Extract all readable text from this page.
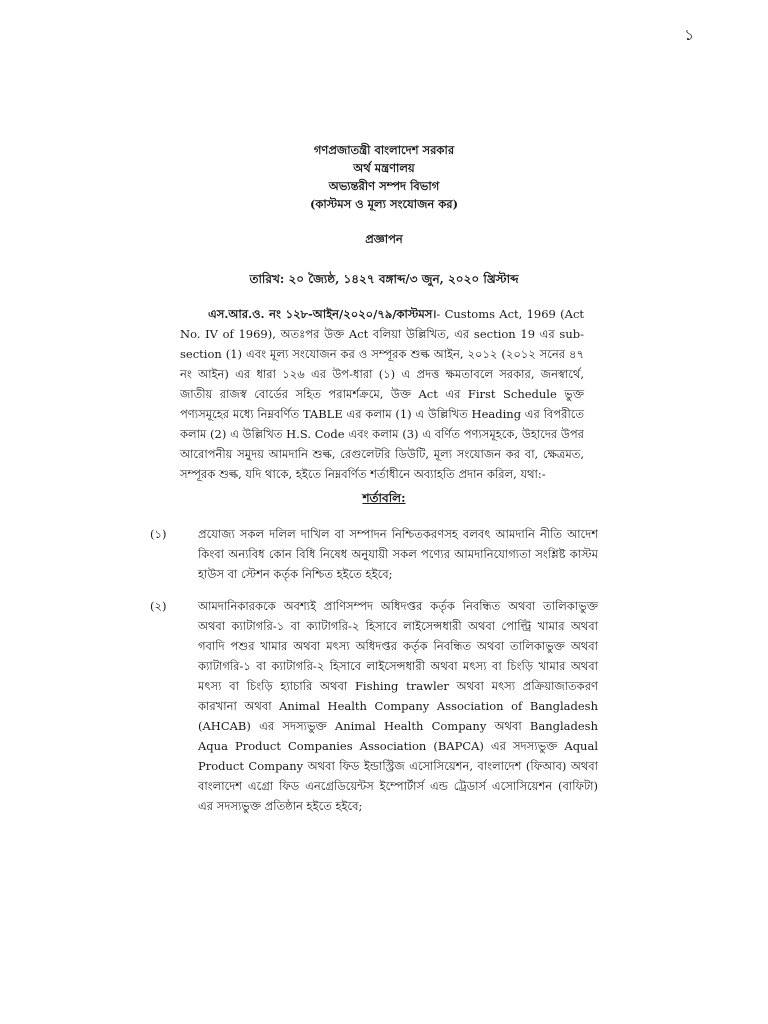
১
গণপ্রজাতন্ত্রী বাংলাদেশ সরকার
অর্থ মন্ত্রণালয়
অভ্যন্তরীণ সম্পদ বিভাগ
(কাস্টমস ও মূল্য সংযোজন কর)
প্রজ্ঞাপন
তারিখ: ২০ জ্যৈষ্ঠ, ১৪২৭ বঙ্গাব্দ/৩ জুন, ২০২০ খ্রিস্টাব্দ
এস.আর.ও. নং ১২৮-আইন/২০২০/৭৯/কাস্টমস।- Customs Act, 1969 (Act No. IV of 1969), অতঃপর উক্ত Act বলিয়া উল্লিখিত, এর section 19 এর sub-section (1) এবং মূল্য সংযোজন কর ও সম্পূরক শুল্ক আইন, ২০১২ (২০১২ সনের ৪৭ নং আইন) এর ধারা ১২৬ এর উপ-ধারা (১) এ প্রদত্ত ক্ষমতাবলে সরকার, জনস্বার্থে, জাতীয় রাজস্ব বোর্ডের সহিত পরামর্শক্রমে, উক্ত Act এর First Schedule ভুক্ত পণ্যসমূহের মধ্যে নিম্নবর্ণিত TABLE এর কলাম (1) এ উল্লিখিত Heading এর বিপরীতে কলাম (2) এ উল্লিখিত H.S. Code এবং কলাম (3) এ বর্ণিত পণ্যসমূহকে, উহাদের উপর আরোপনীয় সমুদয় আমদানি শুল্ক, রেগুলেটরি ডিউটি, মূল্য সংযোজন কর বা, ক্ষেত্রমত, সম্পূরক শুল্ক, যদি থাকে, হইতে নিম্নবর্ণিত শর্তাধীনে অব্যাহতি প্রদান করিল, যথা:-
শর্তাবলি:
(১)	প্রযোজ্য সকল দলিল দাখিল বা সম্পাদন নিশ্চিতকরণসহ বলবৎ আমদানি নীতি আদেশ কিংবা অন্যবিধ কোন বিধি নিষেধ অনুযায়ী সকল পণ্যের আমদানিযোগ্যতা সংশ্লিষ্ট কাস্টম হাউস বা স্টেশন কর্তৃক নিশ্চিত হইতে হইবে;
(২)	আমদানিকারককে অবশ্যই প্রাণিসম্পদ অধিদপ্তর কর্তৃক নিবন্ধিত অথবা তালিকাভুক্ত অথবা ক্যাটাগরি-১ বা ক্যাটাগরি-২ হিসাবে লাইসেন্সধারী অথবা পোল্ট্রি খামার অথবা গবাদি পশুর খামার অথবা মৎস্য অধিদপ্তর কর্তৃক নিবন্ধিত অথবা তালিকাভুক্ত অথবা ক্যাটাগরি-১ বা ক্যাটাগরি-২ হিসাবে লাইসেন্সধারী অথবা মৎস্য বা চিংড়ি খামার অথবা মৎস্য বা চিংড়ি হ্যাচারি অথবা Fishing trawler অথবা মৎস্য প্রক্রিয়াজাতকরণ কারখানা অথবা Animal Health Company Association of Bangladesh (AHCAB) এর সদস্যভুক্ত Animal Health Company অথবা Bangladesh Aqua Product Companies Association (BAPCA) এর সদস্যভুক্ত Aqual Product Company অথবা ফিড ইন্ডাস্ট্রিজ এসোসিয়েশন, বাংলাদেশ (ফিআব) অথবা বাংলাদেশ এগ্রো ফিড এনগ্রেডিয়েন্টস ইম্পোর্টার্স এন্ড ট্রেডার্স এসোসিয়েশন (বাফিটা) এর সদস্যভুক্ত প্রতিষ্ঠান হইতে হইবে;
